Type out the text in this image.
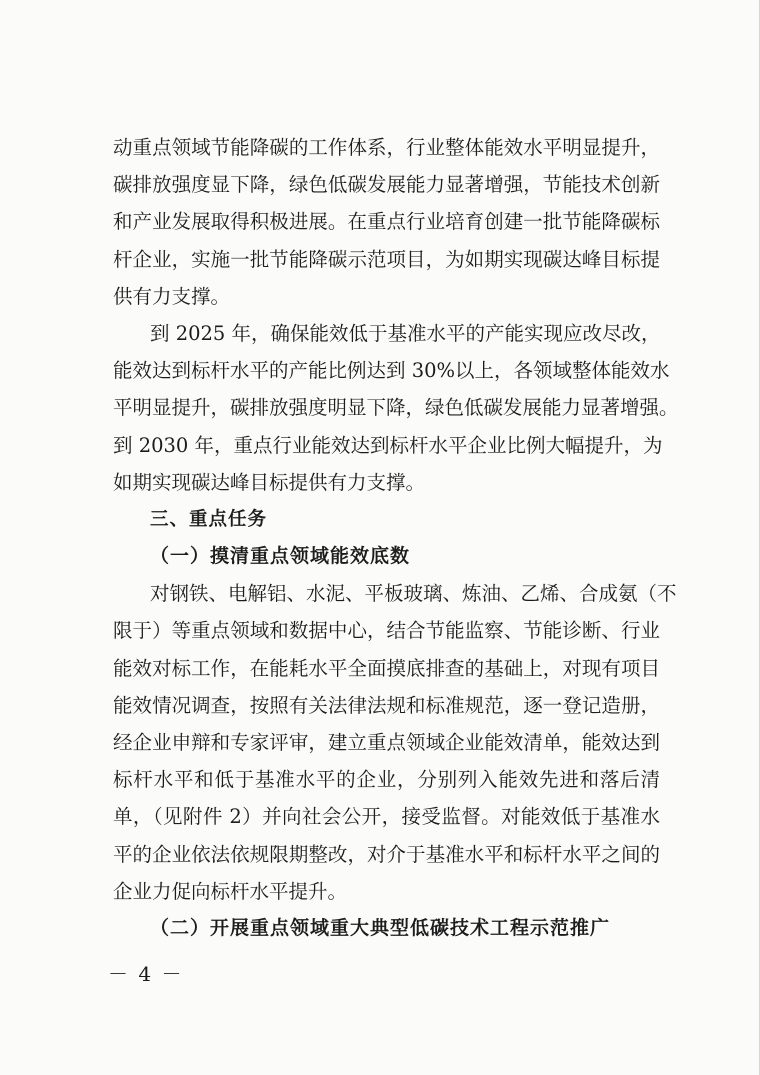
动重点领域节能降碳的工作体系，行业整体能效水平明显提升，
碳排放强度显下降，绿色低碳发展能力显著增强，节能技术创新
和产业发展取得积极进展。在重点行业培育创建一批节能降碳标
杆企业，实施一批节能降碳示范项目，为如期实现碳达峰目标提
供有力支撑。
到 2025 年，确保能效低于基准水平的产能实现应改尽改，
能效达到标杆水平的产能比例达到 30%以上，各领域整体能效水
平明显提升，碳排放强度明显下降，绿色低碳发展能力显著增强。
到 2030 年，重点行业能效达到标杆水平企业比例大幅提升，为
如期实现碳达峰目标提供有力支撑。
三、重点任务
（一）摸清重点领域能效底数
对钢铁、电解铝、水泥、平板玻璃、炼油、乙烯、合成氨（不
限于）等重点领域和数据中心，结合节能监察、节能诊断、行业
能效对标工作，在能耗水平全面摸底排查的基础上，对现有项目
能效情况调查，按照有关法律法规和标准规范，逐一登记造册，
经企业申辩和专家评审，建立重点领域企业能效清单，能效达到
标杆水平和低于基准水平的企业，分别列入能效先进和落后清
单，（见附件 2）并向社会公开，接受监督。对能效低于基准水
平的企业依法依规限期整改，对介于基准水平和标杆水平之间的
企业力促向标杆水平提升。
（二）开展重点领域重大典型低碳技术工程示范推广
－ 4 －
